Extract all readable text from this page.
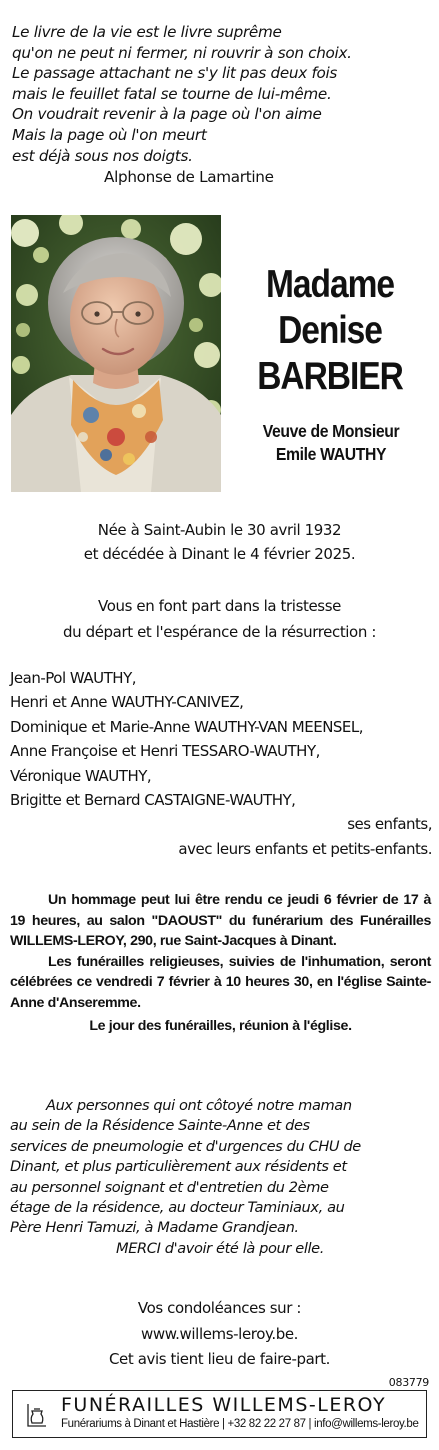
Le livre de la vie est le livre suprême
qu'on ne peut ni fermer, ni rouvrir à son choix.
Le passage attachant ne s'y lit pas deux fois
mais le feuillet fatal se tourne de lui-même.
On voudrait revenir à la page où l'on aime
Mais la page où l'on meurt
est déjà sous nos doigts.
Alphonse de Lamartine
Madame
Denise
BARBIER
Veuve de Monsieur
Emile WAUTHY
Née à Saint-Aubin le 30 avril 1932
et décédée à Dinant le 4 février 2025.
Vous en font part dans la tristesse
du départ et l'espérance de la résurrection :
Jean-Pol WAUTHY,
Henri et Anne WAUTHY-CANIVEZ,
Dominique et Marie-Anne WAUTHY-VAN MEENSEL,
Anne Françoise et Henri TESSARO-WAUTHY,
Véronique WAUTHY,
Brigitte et Bernard CASTAIGNE-WAUTHY,
ses enfants,
avec leurs enfants et petits-enfants.
Un hommage peut lui être rendu ce jeudi 6 février de 17 à 19 heures, au salon "DAOUST" du funérarium des Funérailles WILLEMS-LEROY, 290, rue Saint-Jacques à Dinant.
Les funérailles religieuses, suivies de l'inhumation, seront célébrées ce vendredi 7 février à 10 heures 30, en l'église Sainte-Anne d'Anseremme.
Le jour des funérailles, réunion à l'église.
Aux personnes qui ont côtoyé notre maman
au sein de la Résidence Sainte-Anne et des
services de pneumologie et d'urgences du CHU de
Dinant, et plus particulièrement aux résidents et
au personnel soignant et d'entretien du 2ème
étage de la résidence, au docteur Taminiaux, au
Père Henri Tamuzi, à Madame Grandjean.
MERCI d'avoir été là pour elle.
Vos condoléances sur :
www.willems-leroy.be.
Cet avis tient lieu de faire-part.
083779
FUNÉRAILLES WILLEMS-LEROY
Funérariums à Dinant et Hastière | +32 82 22 27 87 | info@willems-leroy.be
